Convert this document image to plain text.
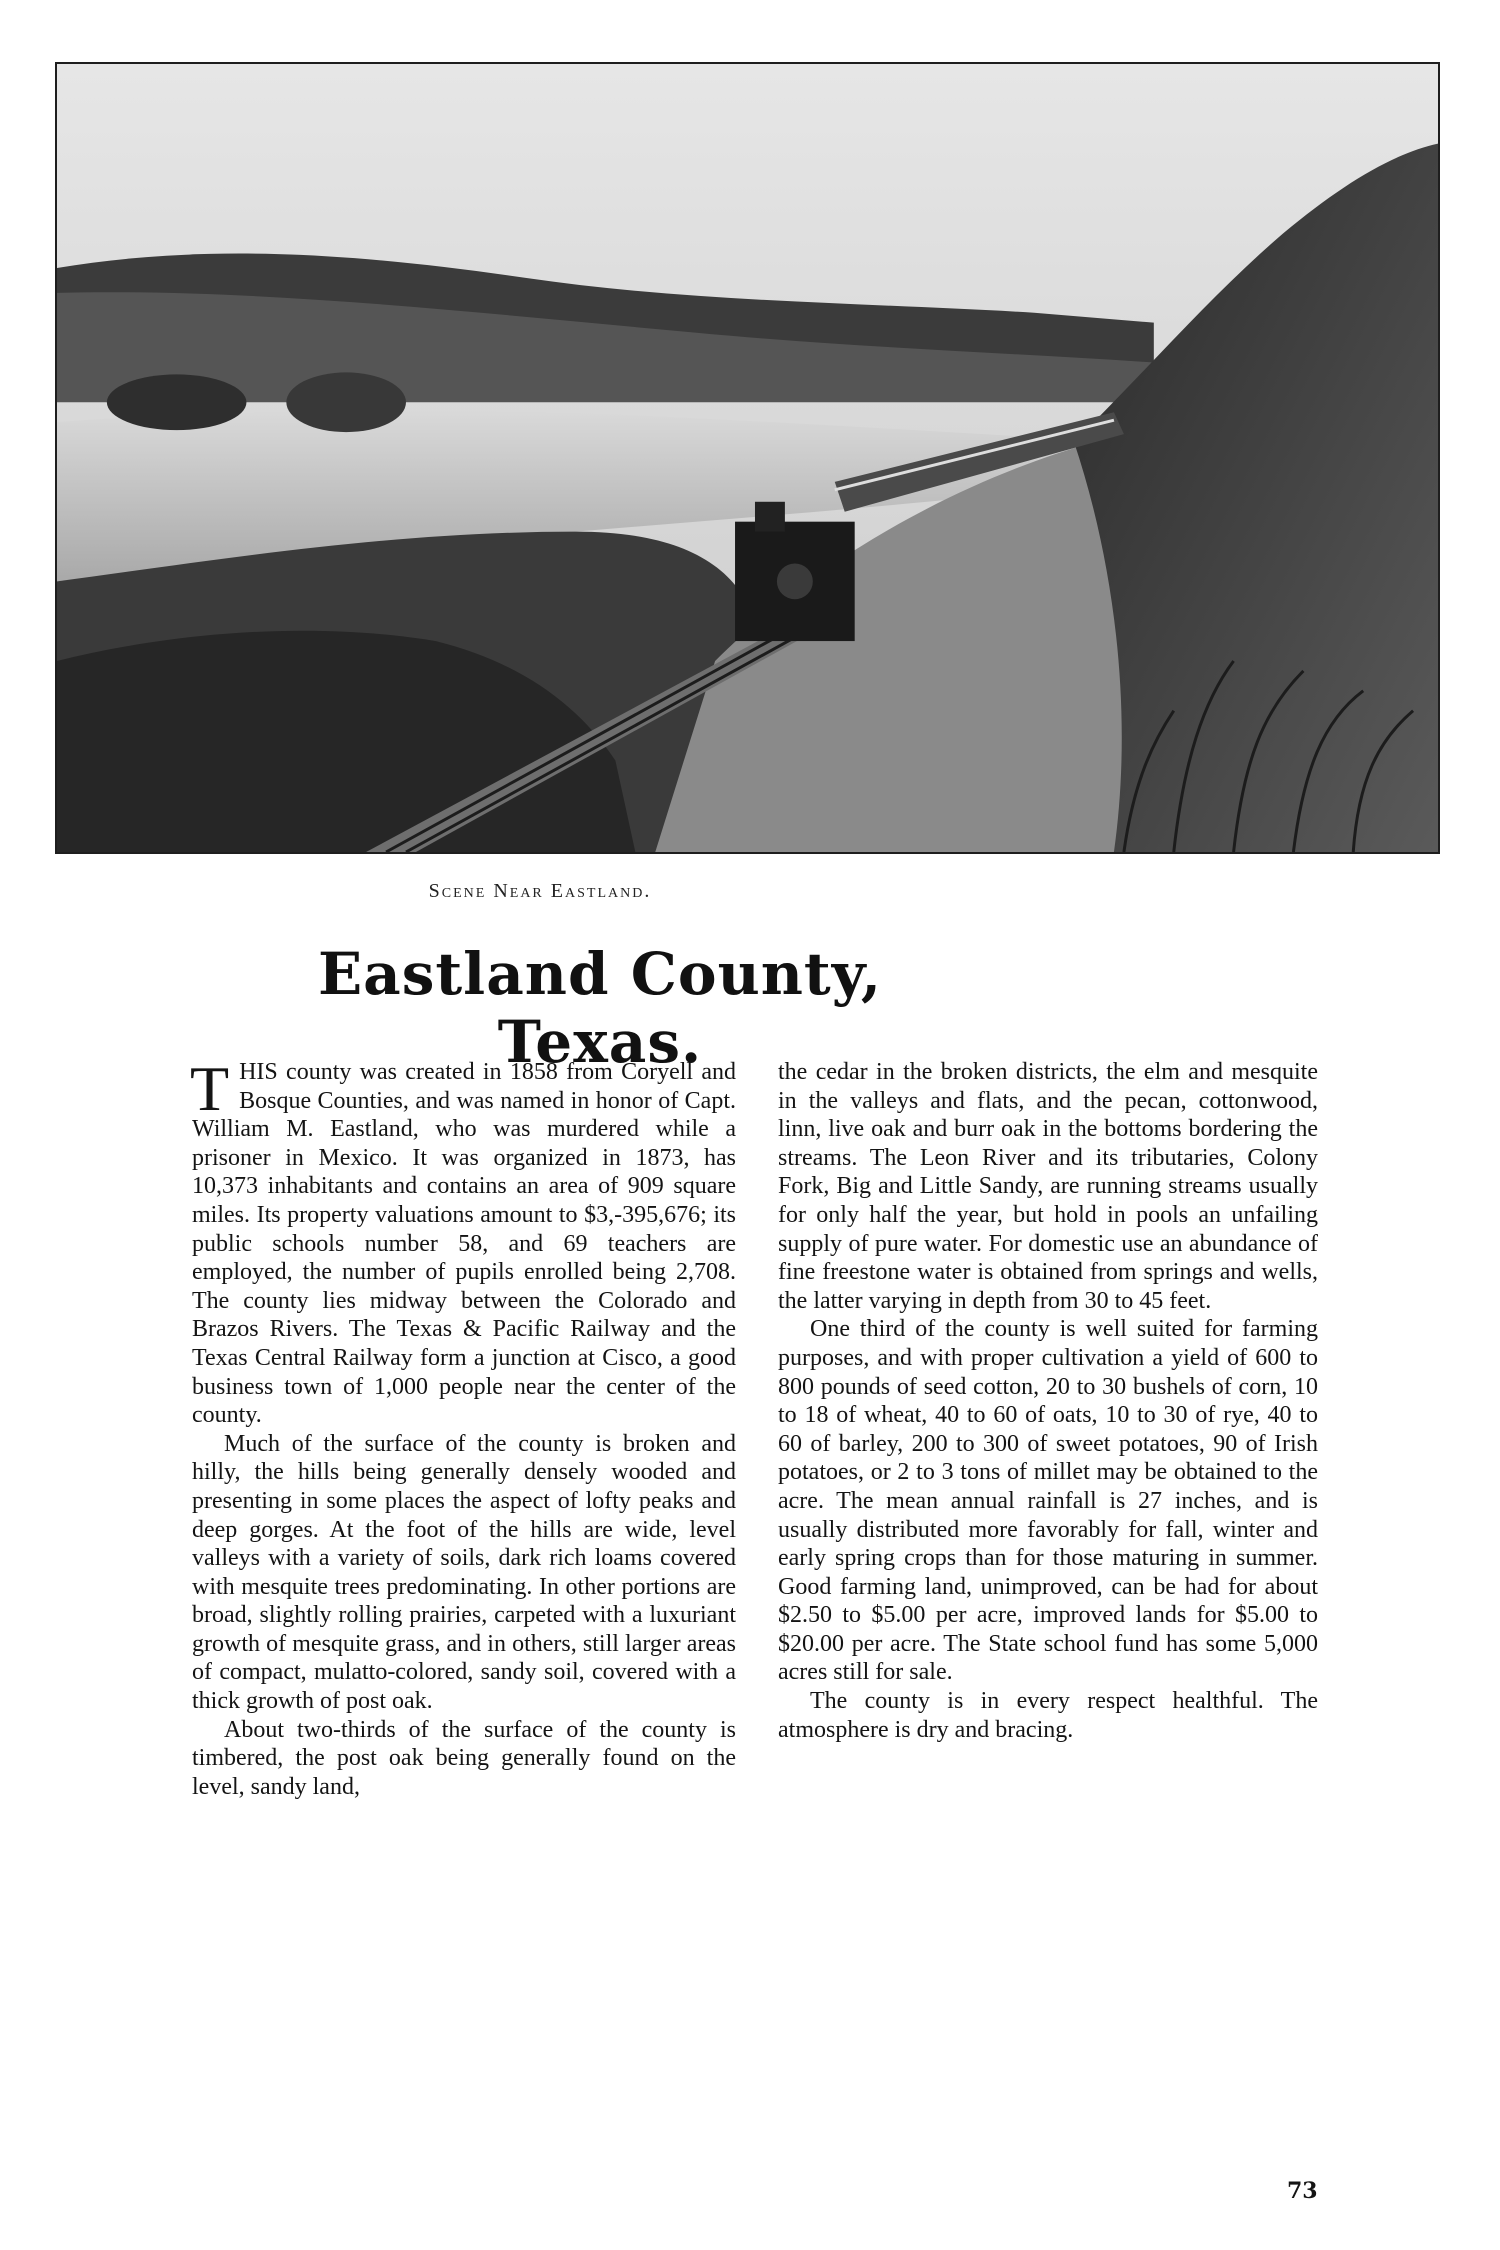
Scene Near Eastland.
Eastland County, Texas.

THIS county was created in 1858 from Coryell and Bosque Counties, and was named in honor of Capt. William M. Eastland, who was murdered while a prisoner in Mexico. It was organized in 1873, has 10,373 inhabitants and contains an area of 909 square miles. Its property valuations amount to $3,-395,676; its public schools number 58, and 69 teachers are employed, the number of pupils enrolled being 2,708. The county lies midway between the Colorado and Brazos Rivers. The Texas & Pacific Railway and the Texas Central Railway form a junction at Cisco, a good business town of 1,000 people near the center of the county.

Much of the surface of the county is broken and hilly, the hills being generally densely wooded and presenting in some places the aspect of lofty peaks and deep gorges. At the foot of the hills are wide, level valleys with a variety of soils, dark rich loams covered with mesquite trees predominating. In other portions are broad, slightly rolling prairies, carpeted with a luxuriant growth of mesquite grass, and in others, still larger areas of compact, mulatto-colored, sandy soil, covered with a thick growth of post oak.

About two-thirds of the surface of the county is timbered, the post oak being generally found on the level, sandy land,

the cedar in the broken districts, the elm and mesquite in the valleys and flats, and the pecan, cottonwood, linn, live oak and burr oak in the bottoms bordering the streams. The Leon River and its tributaries, Colony Fork, Big and Little Sandy, are running streams usually for only half the year, but hold in pools an unfailing supply of pure water. For domestic use an abundance of fine freestone water is obtained from springs and wells, the latter varying in depth from 30 to 45 feet.

One third of the county is well suited for farming purposes, and with proper cultivation a yield of 600 to 800 pounds of seed cotton, 20 to 30 bushels of corn, 10 to 18 of wheat, 40 to 60 of oats, 10 to 30 of rye, 40 to 60 of barley, 200 to 300 of sweet potatoes, 90 of Irish potatoes, or 2 to 3 tons of millet may be obtained to the acre. The mean annual rainfall is 27 inches, and is usually distributed more favorably for fall, winter and early spring crops than for those maturing in summer. Good farming land, unimproved, can be had for about $2.50 to $5.00 per acre, improved lands for $5.00 to $20.00 per acre. The State school fund has some 5,000 acres still for sale.

The county is in every respect healthful. The atmosphere is dry and bracing.

73
